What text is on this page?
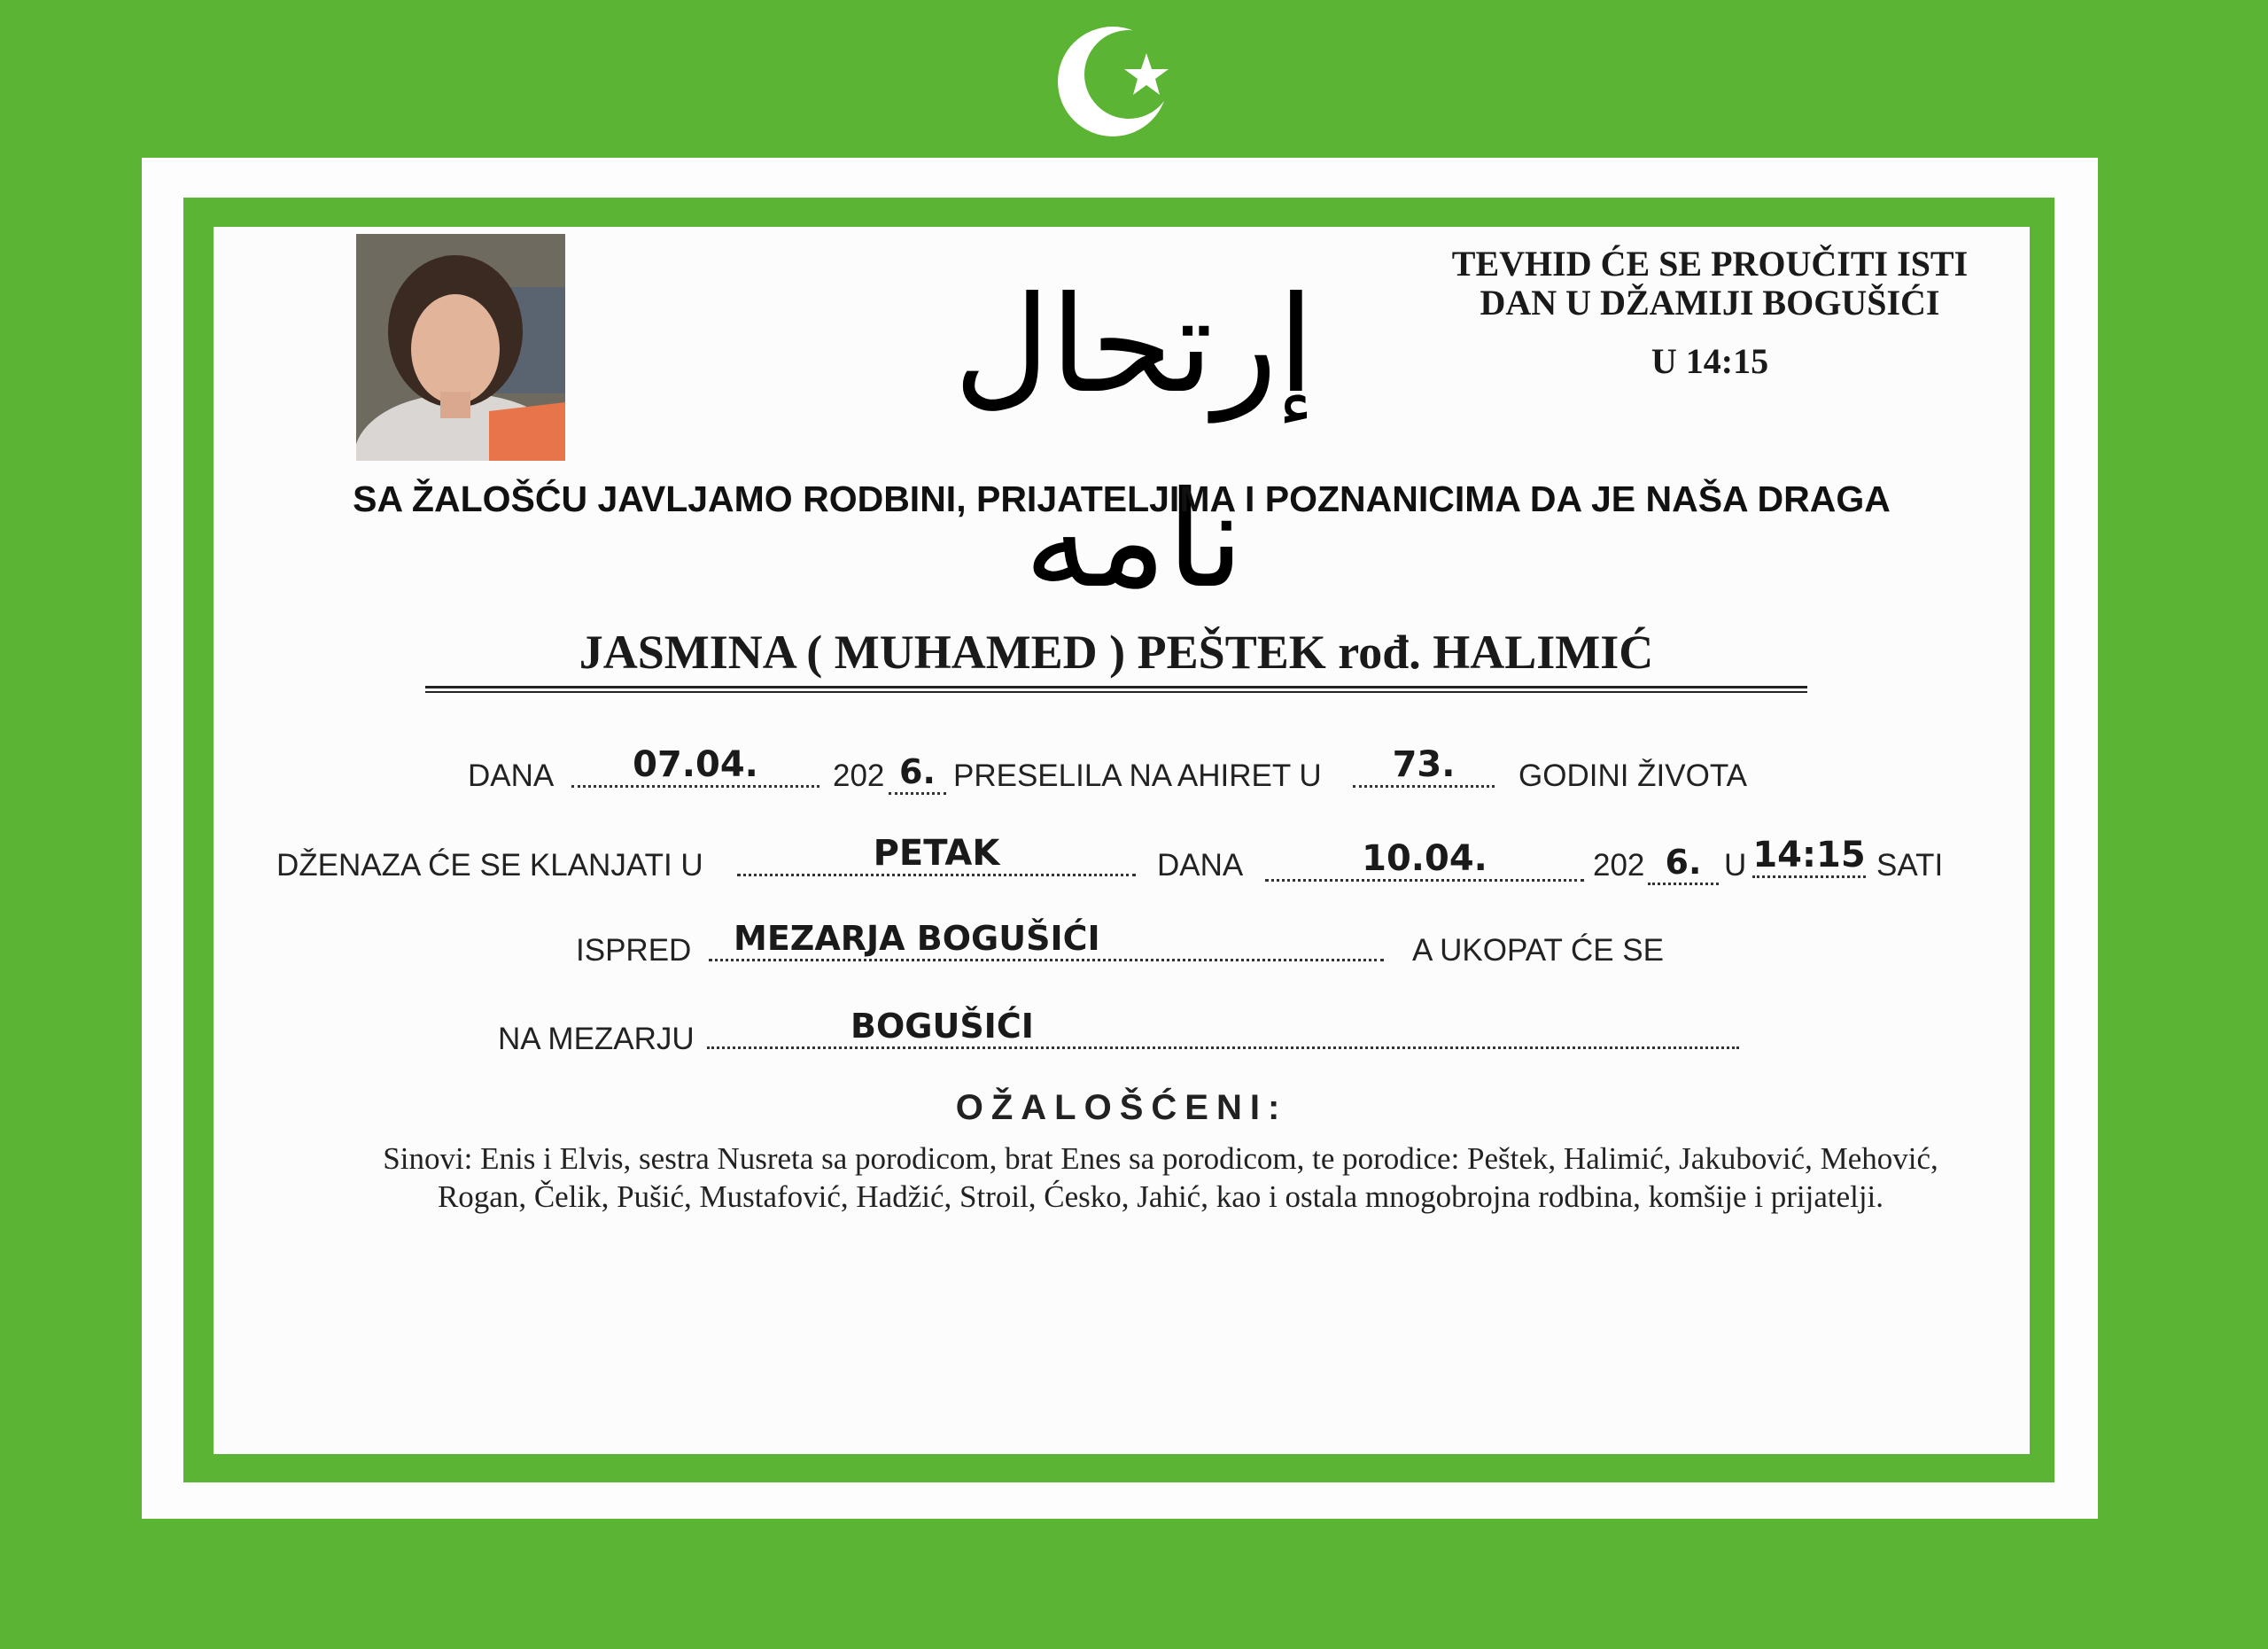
إرتحال نامه
TEVHID ĆE SE PROUČITI ISTI
DAN U DŽAMIJI BOGUŠIĆI
U 14:15
SA ŽALOŠĆU JAVLJAMO RODBINI, PRIJATELJIMA I POZNANICIMA DA JE NAŠA DRAGA
JASMINA ( MUHAMED ) PEŠTEK rođ. HALIMIĆ
DANA	07.04.	202 6. PRESELILA NA AHIRET U	73.	GODINI ŽIVOTA
DŽENAZA ĆE SE KLANJATI U	PETAK	DANA	10.04.	202 6. U 14:15 SATI
ISPRED	MEZARJA BOGUŠIĆI	A UKOPAT ĆE SE
NA MEZARJU	BOGUŠIĆI
OŽALOŠĆENI:
Sinovi: Enis i Elvis, sestra Nusreta sa porodicom, brat Enes sa porodicom, te porodice: Peštek, Halimić, Jakubović, Mehović,
Rogan, Čelik, Pušić, Mustafović, Hadžić, Stroil, Ćesko, Jahić, kao i ostala mnogobrojna rodbina, komšije i prijatelji.
